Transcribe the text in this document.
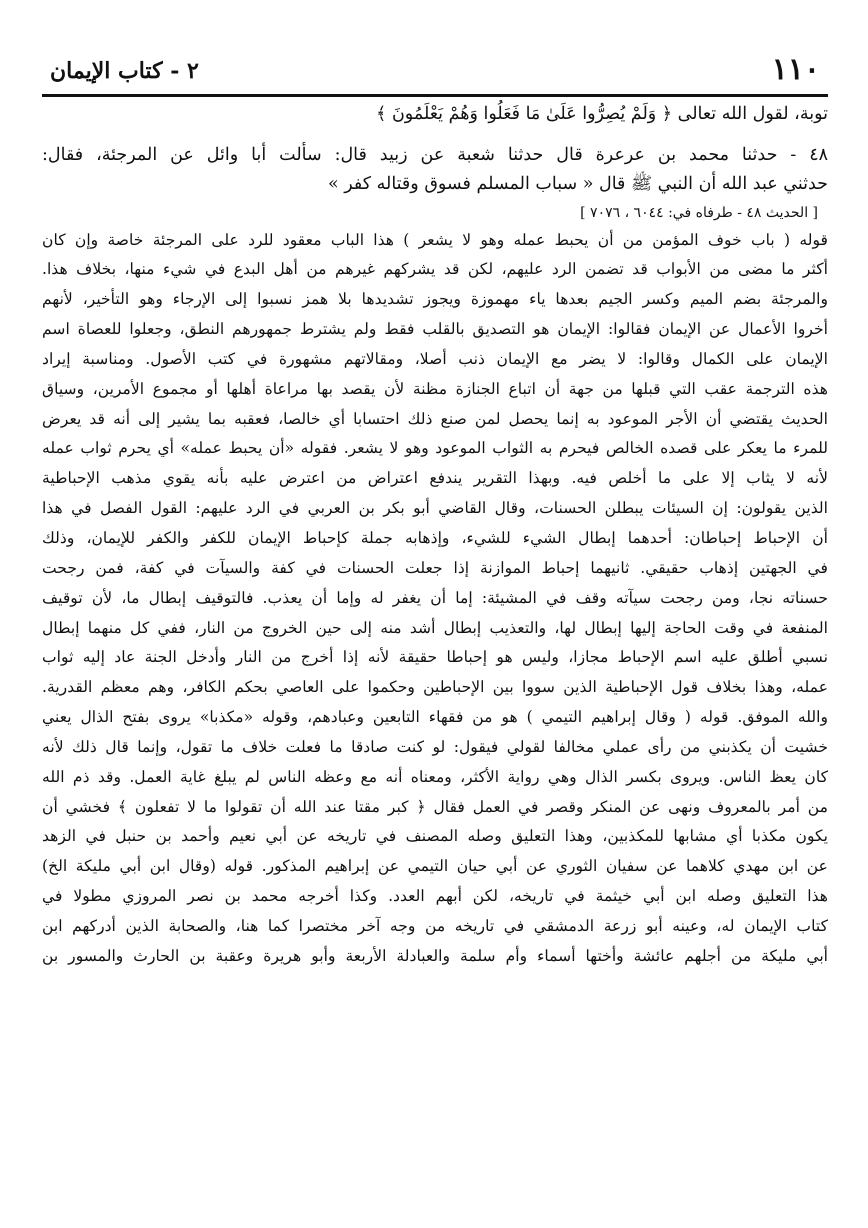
١١٠
٢ - كتاب الإيمان
توبة، لقول الله تعالى ﴿ وَلَمْ يُصِرُّوا عَلَىٰ مَا فَعَلُوا وَهُمْ يَعْلَمُونَ ﴾
٤٨ - حدثنا محمد بن عرعرة قال حدثنا شعبة عن زبيد قال: سألت أبا وائل عن المرجئة، فقال:
حدثني عبد الله أن النبي ﷺ قال « سباب المسلم فسوق وقتاله كفر »
[ الحديث ٤٨ - طرفاه في: ٦٠٤٤ ، ٧٠٧٦ ]
قوله ( باب خوف المؤمن من أن يحبط عمله وهو لا يشعر ) هذا الباب معقود للرد على المرجئة خاصة وإن كان
أكثر ما مضى من الأبواب قد تضمن الرد عليهم، لكن قد يشركهم غيرهم من أهل البدع في شيء منها، بخلاف هذا.
والمرجئة بضم الميم وكسر الجيم بعدها ياء مهموزة ويجوز تشديدها بلا همز نسبوا إلى الإرجاء وهو التأخير، لأنهم
أخروا الأعمال عن الإيمان فقالوا: الإيمان هو التصديق بالقلب فقط ولم يشترط جمهورهم النطق، وجعلوا للعصاة اسم
الإيمان على الكمال وقالوا: لا يضر مع الإيمان ذنب أصلا، ومقالاتهم مشهورة في كتب الأصول. ومناسبة إيراد
هذه الترجمة عقب التي قبلها من جهة أن اتباع الجنازة مظنة لأن يقصد بها مراعاة أهلها أو مجموع الأمرين، وسياق
الحديث يقتضي أن الأجر الموعود به إنما يحصل لمن صنع ذلك احتسابا أي خالصا، فعقبه بما يشير إلى أنه قد يعرض
للمرء ما يعكر على قصده الخالص فيحرم به الثواب الموعود وهو لا يشعر. فقوله «أن يحبط عمله» أي يحرم ثواب عمله
لأنه لا يثاب إلا على ما أخلص فيه. وبهذا التقرير يندفع اعتراض من اعترض عليه بأنه يقوي مذهب الإحباطية
الذين يقولون: إن السيئات يبطلن الحسنات، وقال القاضي أبو بكر بن العربي في الرد عليهم: القول الفصل في هذا
أن الإحباط إحباطان: أحدهما إبطال الشيء للشيء، وإذهابه جملة كإحباط الإيمان للكفر والكفر للإيمان، وذلك
في الجهتين إذهاب حقيقي. ثانيهما إحباط الموازنة إذا جعلت الحسنات في كفة والسيآت في كفة، فمن رجحت
حسناته نجا، ومن رجحت سيآته وقف في المشيئة: إما أن يغفر له وإما أن يعذب. فالتوقيف إبطال ما، لأن توقيف
المنفعة في وقت الحاجة إليها إبطال لها، والتعذيب إبطال أشد منه إلى حين الخروج من النار، ففي كل منهما إبطال
نسبي أطلق عليه اسم الإحباط مجازا، وليس هو إحباطا حقيقة لأنه إذا أخرج من النار وأدخل الجنة عاد إليه ثواب
عمله، وهذا بخلاف قول الإحباطية الذين سووا بين الإحباطين وحكموا على العاصي بحكم الكافر، وهم معظم القدرية.
والله الموفق. قوله ( وقال إبراهيم التيمي ) هو من فقهاء التابعين وعبادهم، وقوله «مكذبا» يروى بفتح الذال يعني
خشيت أن يكذبني من رأى عملي مخالفا لقولي فيقول: لو كنت صادقا ما فعلت خلاف ما تقول، وإنما قال ذلك لأنه
كان يعظ الناس. ويروى بكسر الذال وهي رواية الأكثر، ومعناه أنه مع وعظه الناس لم يبلغ غاية العمل. وقد ذم الله
من أمر بالمعروف ونهى عن المنكر وقصر في العمل فقال ﴿ كبر مقتا عند الله أن تقولوا ما لا تفعلون ﴾ فخشي أن
يكون مكذبا أي مشابها للمكذبين، وهذا التعليق وصله المصنف في تاريخه عن أبي نعيم وأحمد بن حنبل في الزهد
عن ابن مهدي كلاهما عن سفيان الثوري عن أبي حيان التيمي عن إبراهيم المذكور. قوله (وقال ابن أبي مليكة الخ)
هذا التعليق وصله ابن أبي خيثمة في تاريخه، لكن أبهم العدد. وكذا أخرجه محمد بن نصر المروزي مطولا في
كتاب الإيمان له، وعينه أبو زرعة الدمشقي في تاريخه من وجه آخر مختصرا كما هنا، والصحابة الذين أدركهم ابن
أبي مليكة من أجلهم عائشة وأختها أسماء وأم سلمة والعبادلة الأربعة وأبو هريرة وعقبة بن الحارث والمسور بن
